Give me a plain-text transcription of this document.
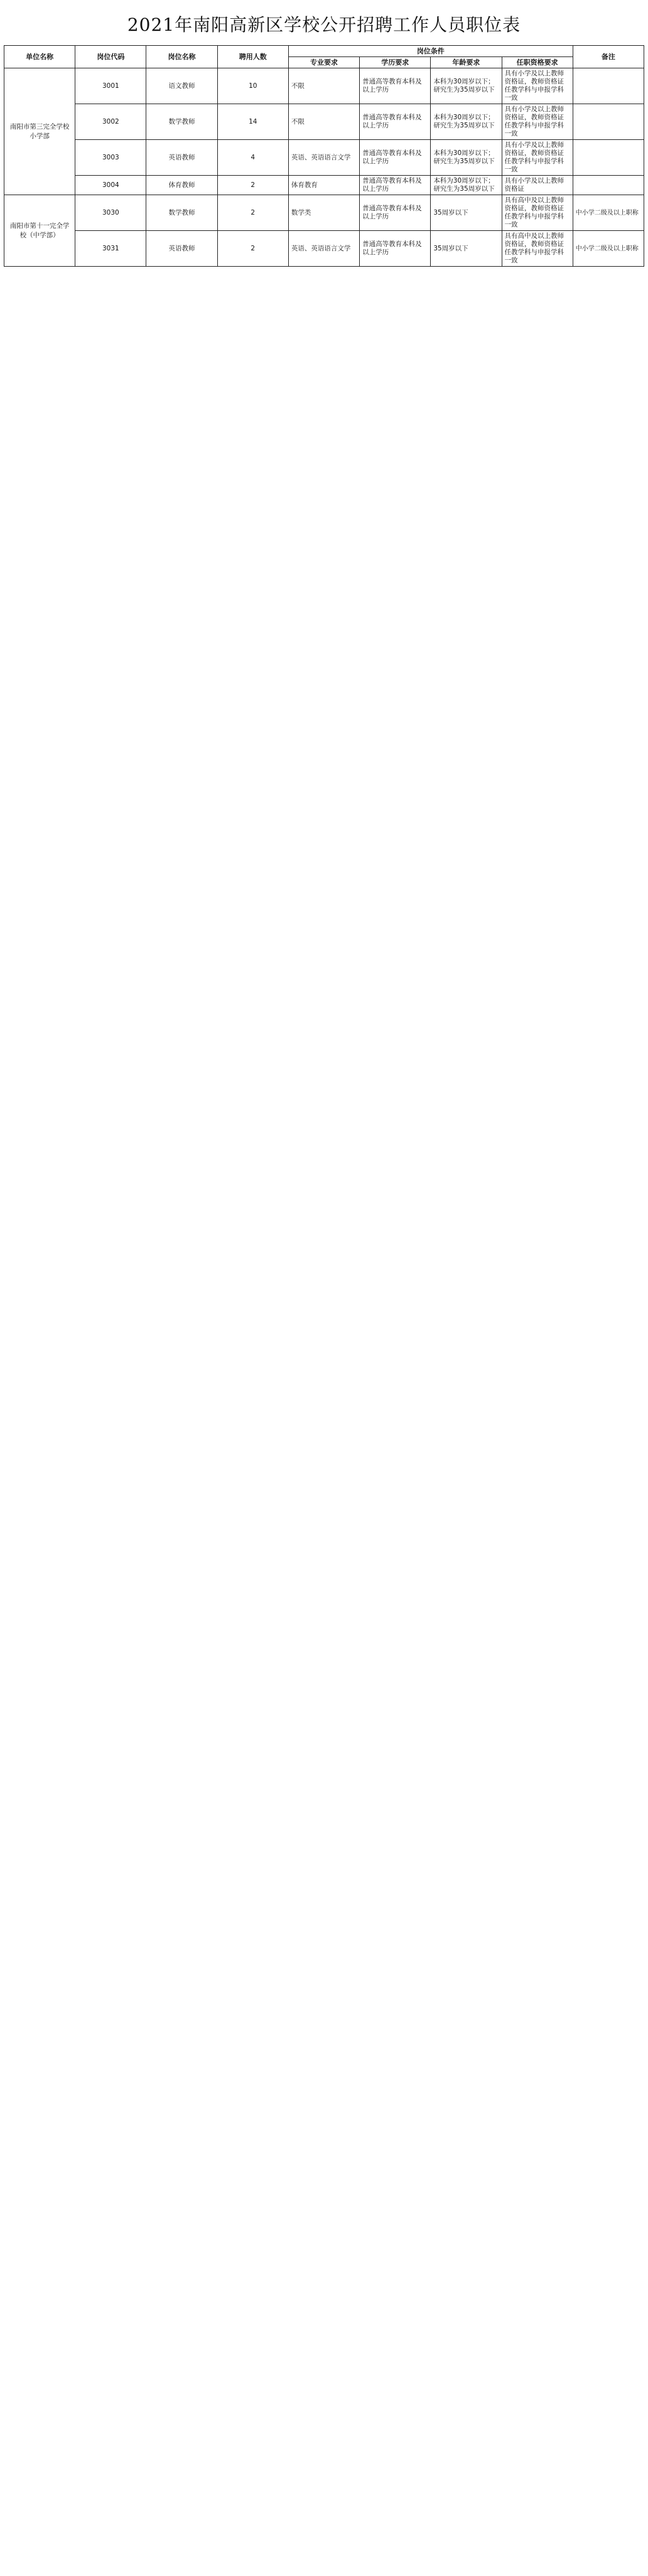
2021年南阳高新区学校公开招聘工作人员职位表
单位名称	岗位代码	岗位名称	聘用人数	岗位条件				备注
				专业要求	学历要求	年龄要求	任职资格要求	
南阳市第三完全学校小学部	3001	语文教师	10	不限	普通高等教育本科及以上学历	本科为30周岁以下；研究生为35周岁以下	具有小学及以上教师资格证，教师资格证任教学科与申报学科一致	
	3002	数学教师	14	不限	普通高等教育本科及以上学历	本科为30周岁以下；研究生为35周岁以下	具有小学及以上教师资格证，教师资格证任教学科与申报学科一致	
	3003	英语教师	4	英语、英语语言文学	普通高等教育本科及以上学历	本科为30周岁以下；研究生为35周岁以下	具有小学及以上教师资格证，教师资格证任教学科与申报学科一致	
	3004	体育教师	2	体育教育	普通高等教育本科及以上学历	本科为30周岁以下；研究生为35周岁以下	具有小学及以上教师资格证	
南阳市第十一完全学校（中学部）	3030	数学教师	2	数学类	普通高等教育本科及以上学历	35周岁以下	具有高中及以上教师资格证，教师资格证任教学科与申报学科一致	中小学二级及以上职称
	3031	英语教师	2	英语、英语语言文学	普通高等教育本科及以上学历	35周岁以下	具有高中及以上教师资格证，教师资格证任教学科与申报学科一致	中小学二级及以上职称
